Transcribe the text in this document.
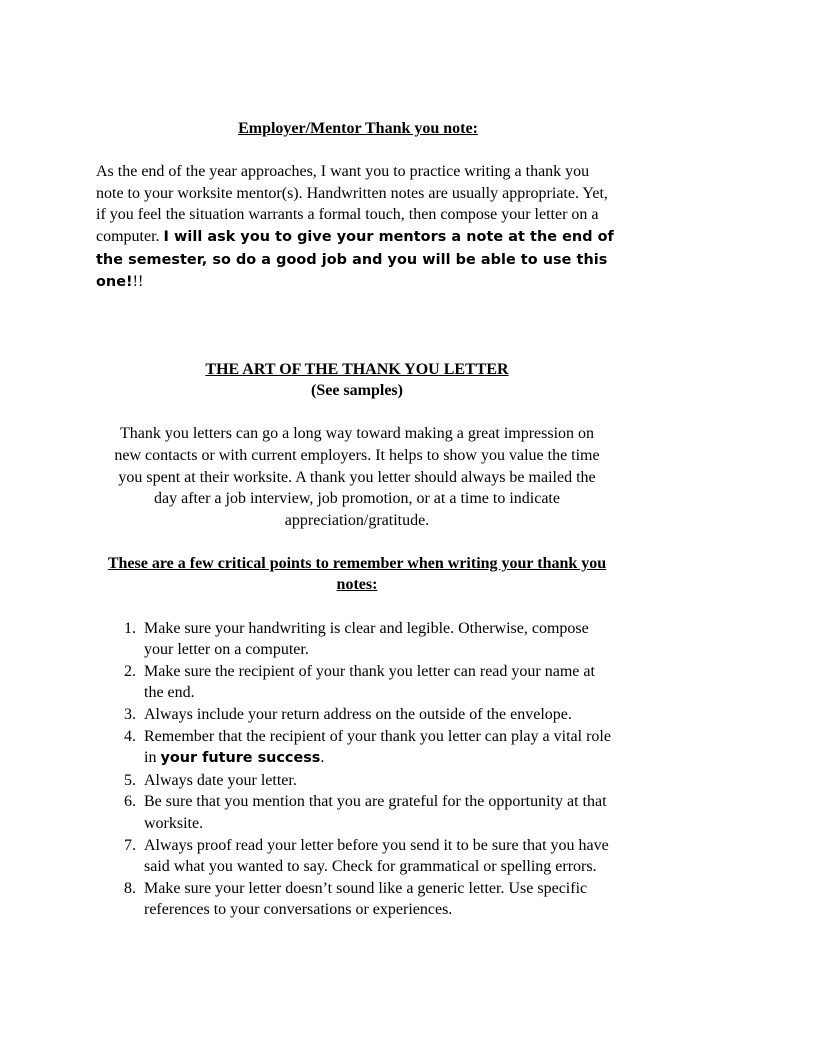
Employer/Mentor Thank you note:

As the end of the year approaches, I want you to practice writing a thank you note to your worksite mentor(s). Handwritten notes are usually appropriate. Yet, if you feel the situation warrants a formal touch, then compose your letter on a computer. I will ask you to give your mentors a note at the end of the semester, so do a good job and you will be able to use this one!!!

THE ART OF THE THANK YOU LETTER
(See samples)

Thank you letters can go a long way toward making a great impression on new contacts or with current employers. It helps to show you value the time you spent at their worksite. A thank you letter should always be mailed the day after a job interview, job promotion, or at a time to indicate appreciation/gratitude.

These are a few critical points to remember when writing your thank you notes:
1. Make sure your handwriting is clear and legible. Otherwise, compose your letter on a computer.
2. Make sure the recipient of your thank you letter can read your name at the end.
3. Always include your return address on the outside of the envelope.
4. Remember that the recipient of your thank you letter can play a vital role in your future success.
5. Always date your letter.
6. Be sure that you mention that you are grateful for the opportunity at that worksite.
7. Always proof read your letter before you send it to be sure that you have said what you wanted to say. Check for grammatical or spelling errors.
8. Make sure your letter doesn’t sound like a generic letter. Use specific references to your conversations or experiences.
